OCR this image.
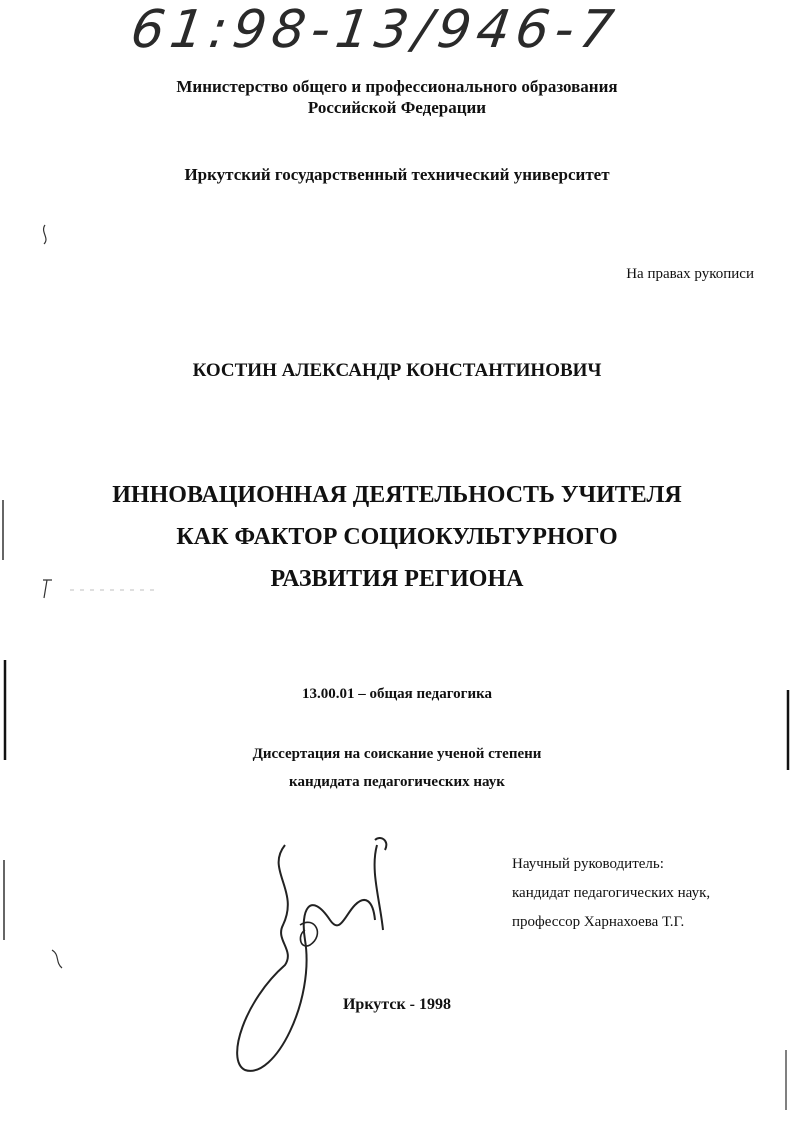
61:98-13/946-7
Министерство общего и профессионального образования
Российской Федерации
Иркутский государственный технический университет
На правах рукописи
КОСТИН АЛЕКСАНДР КОНСТАНТИНОВИЧ
ИННОВАЦИОННАЯ ДЕЯТЕЛЬНОСТЬ УЧИТЕЛЯ
КАК ФАКТОР СОЦИОКУЛЬТУРНОГО
РАЗВИТИЯ РЕГИОНА
13.00.01 – общая педагогика
Диссертация на соискание ученой степени
кандидата педагогических наук
Научный руководитель:
кандидат педагогических наук,
профессор Харнахоева Т.Г.
Иркутск - 1998
